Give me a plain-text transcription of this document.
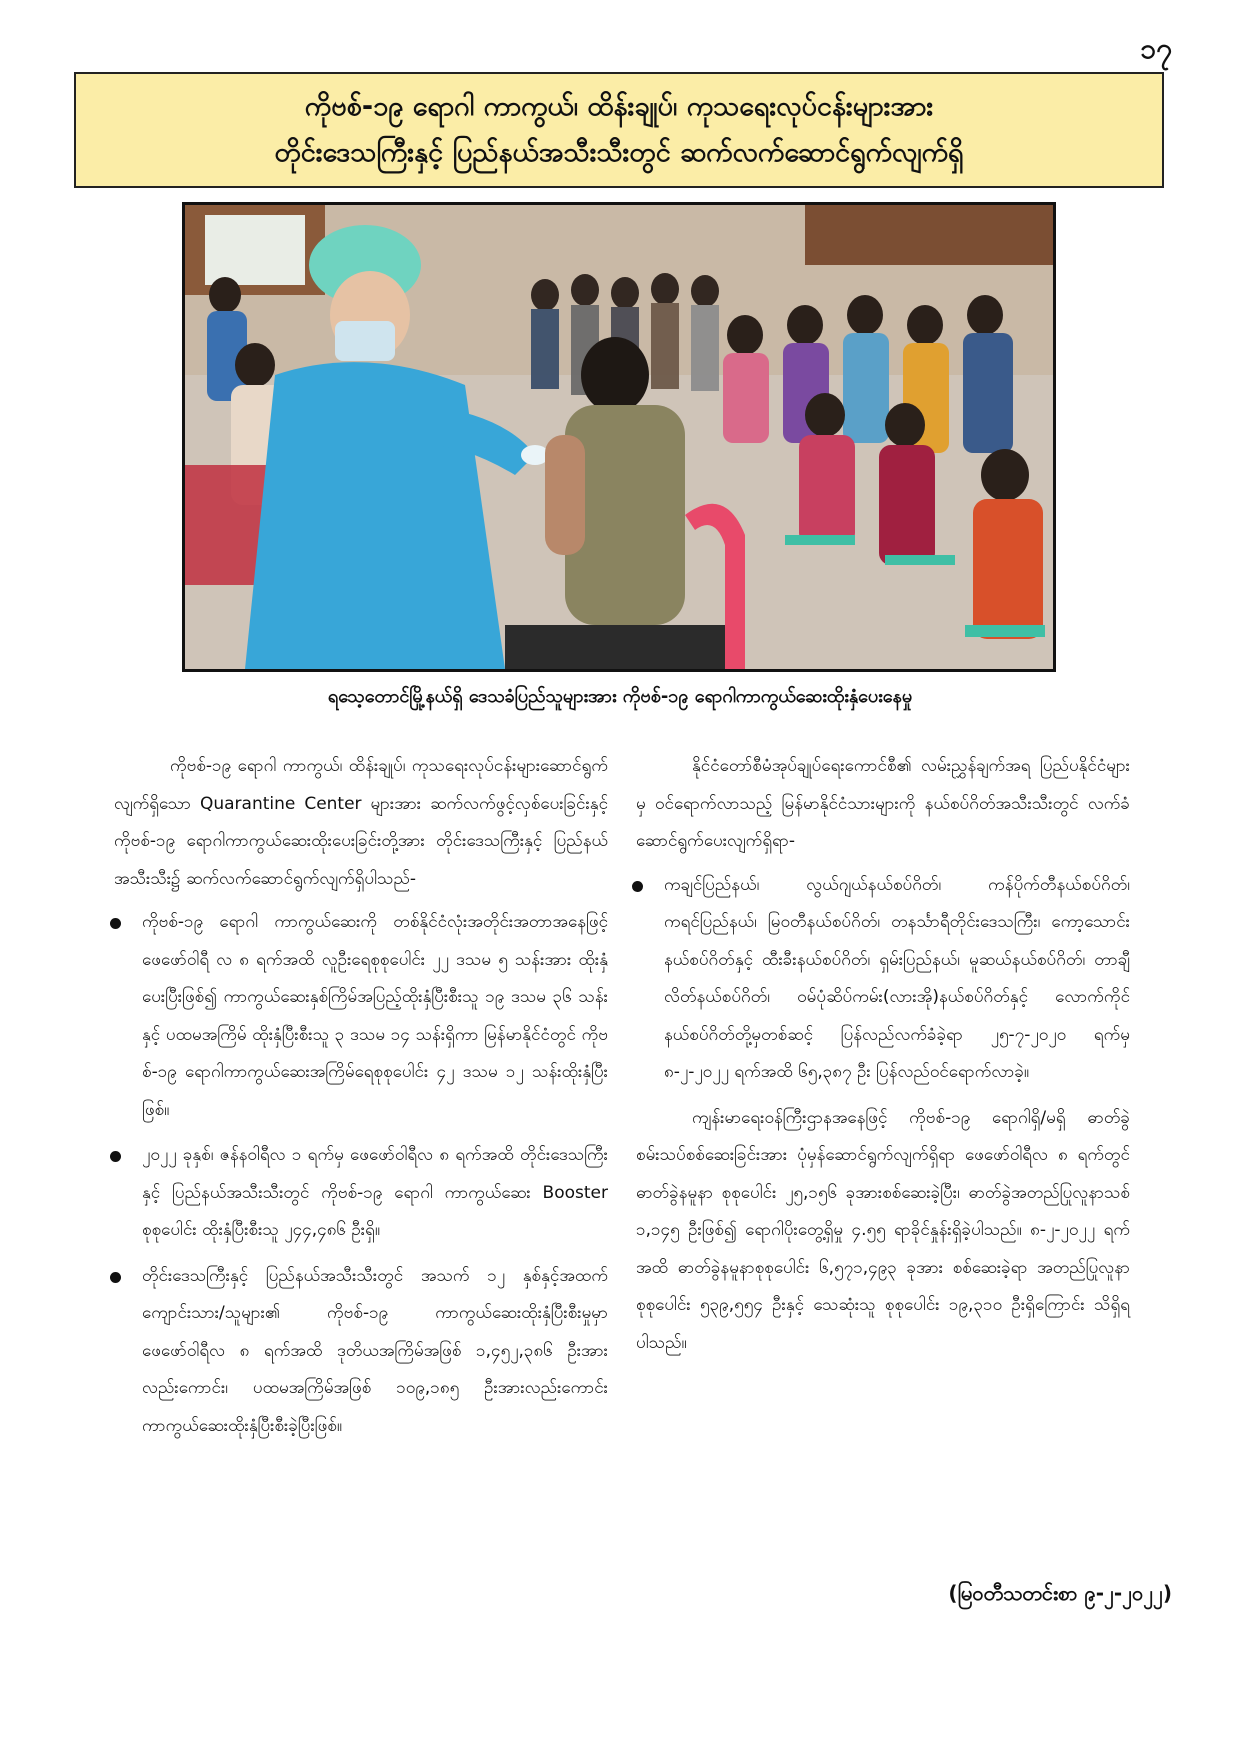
၁၇
ကိုဗစ်-၁၉ ရောဂါ ကာကွယ်၊ ထိန်းချုပ်၊ ကုသရေးလုပ်ငန်းများအား
တိုင်းဒေသကြီးနှင့် ပြည်နယ်အသီးသီးတွင် ဆက်လက်ဆောင်ရွက်လျက်ရှိ
ရသေ့တောင်မြို့နယ်ရှိ ဒေသခံပြည်သူများအား ကိုဗစ်-၁၉ ရောဂါကာကွယ်ဆေးထိုးနှံပေးနေမှု

ကိုဗစ်-၁၉ ရောဂါ ကာကွယ်၊ ထိန်းချုပ်၊ ကုသရေးလုပ်ငန်းများဆောင်ရွက်လျက်ရှိသော Quarantine Center များအား ဆက်လက်ဖွင့်လှစ်ပေးခြင်းနှင့် ကိုဗစ်-၁၉ ရောဂါကာကွယ်ဆေးထိုးပေးခြင်းတို့အား တိုင်းဒေသကြီးနှင့် ပြည်နယ်အသီးသီး၌ ဆက်လက်ဆောင်ရွက်လျက်ရှိပါသည်-

ကိုဗစ်-၁၉ ရောဂါ ကာကွယ်ဆေးကို တစ်နိုင်ငံလုံးအတိုင်းအတာအနေဖြင့် ဖေဖော်ဝါရီ လ ၈ ရက်အထိ လူဦးရေစုစုပေါင်း ၂၂ ဒသမ ၅ သန်းအား ထိုးနှံပေးပြီးဖြစ်၍ ကာကွယ်ဆေးနှစ်ကြိမ်အပြည့်ထိုးနှံပြီးစီးသူ ၁၉ ဒသမ ၃၆ သန်းနှင့် ပထမအကြိမ် ထိုးနှံပြီးစီးသူ ၃ ဒသမ ၁၄ သန်းရှိကာ မြန်မာနိုင်ငံတွင် ကိုဗစ်-၁၉ ရောဂါကာကွယ်ဆေးအကြိမ်ရေစုစုပေါင်း ၄၂ ဒသမ ၁၂ သန်းထိုးနှံပြီးဖြစ်။
၂၀၂၂ ခုနှစ်၊ ဇန်နဝါရီလ ၁ ရက်မှ ဖေဖော်ဝါရီလ ၈ ရက်အထိ တိုင်းဒေသကြီးနှင့် ပြည်နယ်အသီးသီးတွင် ကိုဗစ်-၁၉ ရောဂါ ကာကွယ်ဆေး Booster စုစုပေါင်း ထိုးနှံပြီးစီးသူ ၂၄၄,၄၈၆ ဦးရှိ။
တိုင်းဒေသကြီးနှင့် ပြည်နယ်အသီးသီးတွင် အသက် ၁၂ နှစ်နှင့်အထက် ကျောင်းသား/သူများ၏ ကိုဗစ်-၁၉ ကာကွယ်ဆေးထိုးနှံပြီးစီးမှုမှာ ဖေဖော်ဝါရီလ ၈ ရက်အထိ ဒုတိယအကြိမ်အဖြစ် ၁,၄၅၂,၃၈၆ ဦးအားလည်းကောင်း၊ ပထမအကြိမ်အဖြစ် ၁၀၉,၁၈၅ ဦးအားလည်းကောင်း ကာကွယ်ဆေးထိုးနှံပြီးစီးခဲ့ပြီးဖြစ်။

နိုင်ငံတော်စီမံအုပ်ချုပ်ရေးကောင်စီ၏ လမ်းညွှန်ချက်အရ ပြည်ပနိုင်ငံများမှ ဝင်ရောက်လာသည့် မြန်မာနိုင်ငံသားများကို နယ်စပ်ဂိတ်အသီးသီးတွင် လက်ခံဆောင်ရွက်ပေးလျက်ရှိရာ-

ကချင်ပြည်နယ်၊ လွယ်ဂျယ်နယ်စပ်ဂိတ်၊ ကန်ပိုက်တီနယ်စပ်ဂိတ်၊ ကရင်ပြည်နယ်၊ မြဝတီနယ်စပ်ဂိတ်၊ တနင်္သာရီတိုင်းဒေသကြီး၊ ကော့သောင်းနယ်စပ်ဂိတ်နှင့် ထီးခီးနယ်စပ်ဂိတ်၊ ရှမ်းပြည်နယ်၊ မူဆယ်နယ်စပ်ဂိတ်၊ တာချီလိတ်နယ်စပ်ဂိတ်၊ ဝမ်ပုံဆိပ်ကမ်း(လားအို)နယ်စပ်ဂိတ်နှင့် လောက်ကိုင်နယ်စပ်ဂိတ်တို့မှတစ်ဆင့် ပြန်လည်လက်ခံခဲ့ရာ ၂၅-၇-၂၀၂၀ ရက်မှ ၈-၂-၂၀၂၂ ရက်အထိ ၆၅,၃၈၇ ဦး ပြန်လည်ဝင်ရောက်လာခဲ့။

ကျန်းမာရေးဝန်ကြီးဌာနအနေဖြင့် ကိုဗစ်-၁၉ ရောဂါရှိ/မရှိ ဓာတ်ခွဲစမ်းသပ်စစ်ဆေးခြင်းအား ပုံမှန်ဆောင်ရွက်လျက်ရှိရာ ဖေဖော်ဝါရီလ ၈ ရက်တွင် ဓာတ်ခွဲနမူနာ စုစုပေါင်း ၂၅,၁၅၆ ခုအားစစ်ဆေးခဲ့ပြီး၊ ဓာတ်ခွဲအတည်ပြုလူနာသစ် ၁,၁၄၅ ဦးဖြစ်၍ ရောဂါပိုးတွေ့ရှိမှု ၄.၅၅ ရာခိုင်နှုန်းရှိခဲ့ပါသည်။ ၈-၂-၂၀၂၂ ရက်အထိ ဓာတ်ခွဲနမူနာစုစုပေါင်း ၆,၅၇၁,၄၉၃ ခုအား စစ်ဆေးခဲ့ရာ အတည်ပြုလူနာစုစုပေါင်း ၅၃၉,၅၅၄ ဦးနှင့် သေဆုံးသူ စုစုပေါင်း ၁၉,၃၁၀ ဦးရှိကြောင်း သိရှိရပါသည်။

(မြဝတီသတင်းစာ ၉-၂-၂၀၂၂)
